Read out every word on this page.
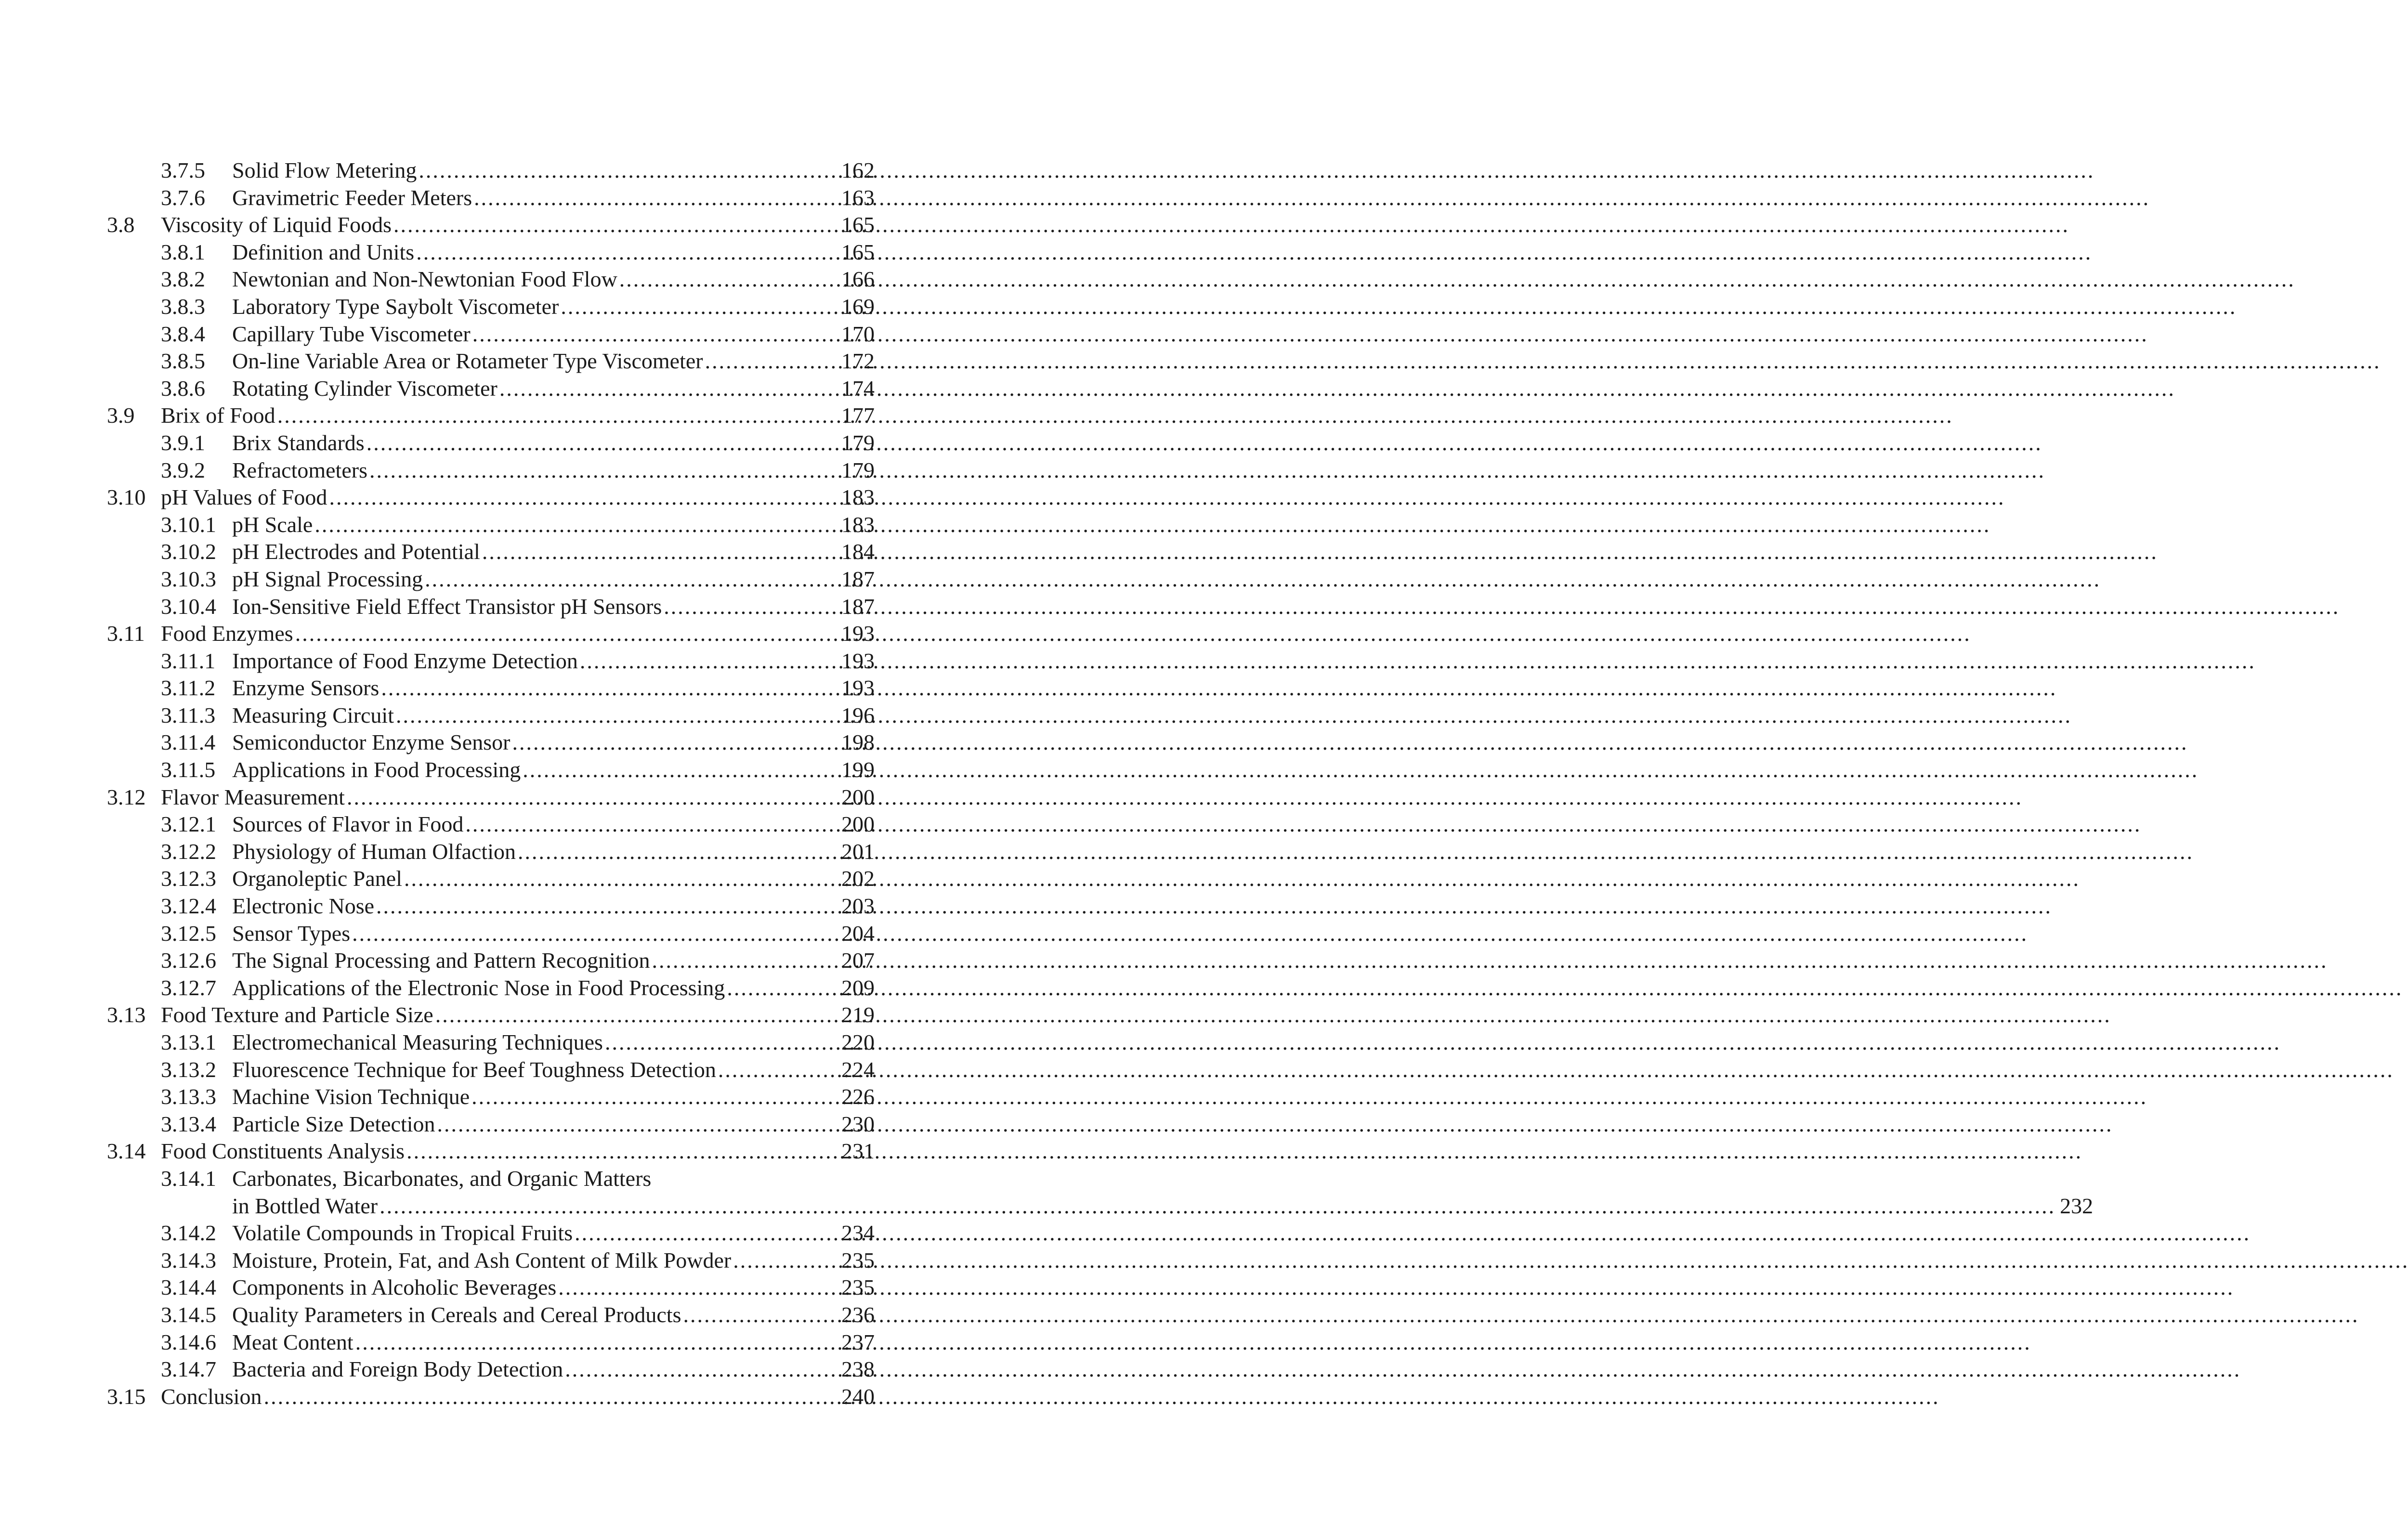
3.7.5	Solid Flow Metering .....	162
3.7.6	Gravimetric Feeder Meters .....	163
3.8	Viscosity of Liquid Foods .....	165
3.8.1	Definition and Units .....	165
3.8.2	Newtonian and Non-Newtonian Food Flow .....	166
3.8.3	Laboratory Type Saybolt Viscometer .....	169
3.8.4	Capillary Tube Viscometer .....	170
3.8.5	On-line Variable Area or Rotameter Type Viscometer .....	172
3.8.6	Rotating Cylinder Viscometer .....	174
3.9	Brix of Food .....	177
3.9.1	Brix Standards .....	179
3.9.2	Refractometers .....	179
3.10 pH Values of Food .....	183
3.10.1 pH Scale .....	183
3.10.2 pH Electrodes and Potential .....	184
3.10.3 pH Signal Processing .....	187
3.10.4 Ion-Sensitive Field Effect Transistor pH Sensors .....	187
3.11 Food Enzymes .....	193
3.11.1 Importance of Food Enzyme Detection .....	193
3.11.2 Enzyme Sensors .....	193
3.11.3 Measuring Circuit .....	196
3.11.4 Semiconductor Enzyme Sensor .....	198
3.11.5 Applications in Food Processing .....	199
3.12 Flavor Measurement .....	200
3.12.1 Sources of Flavor in Food .....	200
3.12.2 Physiology of Human Olfaction .....	201
3.12.3 Organoleptic Panel .....	202
3.12.4 Electronic Nose .....	203
3.12.5 Sensor Types .....	204
3.12.6 The Signal Processing and Pattern Recognition .....	207
3.12.7 Applications of the Electronic Nose in Food Processing .....	209
3.13 Food Texture and Particle Size .....	219
3.13.1 Electromechanical Measuring Techniques .....	220
3.13.2 Fluorescence Technique for Beef Toughness Detection .....	224
3.13.3 Machine Vision Technique .....	226
3.13.4 Particle Size Detection .....	230
3.14 Food Constituents Analysis .....	231
3.14.1 Carbonates, Bicarbonates, and Organic Matters
in Bottled Water .....	232
3.14.2 Volatile Compounds in Tropical Fruits .....	234
3.14.3 Moisture, Protein, Fat, and Ash Content of Milk Powder .....	235
3.14.4 Components in Alcoholic Beverages .....	235
3.14.5 Quality Parameters in Cereals and Cereal Products .....	236
3.14.6 Meat Content .....	237
3.14.7 Bacteria and Foreign Body Detection .....	238
3.15 Conclusion .....	240
